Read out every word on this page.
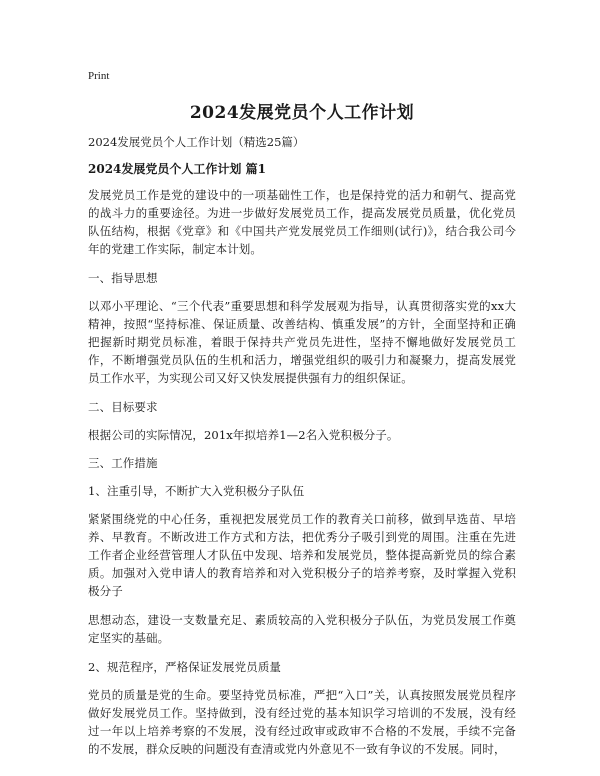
Print
2024发展党员个人工作计划

2024发展党员个人工作计划（精选25篇）

2024发展党员个人工作计划 篇1

发展党员工作是党的建设中的一项基础性工作，也是保持党的活力和朝气、提高党的战斗力的重要途径。为进一步做好发展党员工作，提高发展党员质量，优化党员队伍结构，根据《党章》和《中国共产党发展党员工作细则(试行)》，结合我公司今年的党建工作实际，制定本计划。

一、指导思想

以邓小平理论、“三个代表”重要思想和科学发展观为指导，认真贯彻落实党的xx大精神，按照“坚持标准、保证质量、改善结构、慎重发展”的方针，全面坚持和正确把握新时期党员标准，着眼于保持共产党员先进性，坚持不懈地做好发展党员工作，不断增强党员队伍的生机和活力，增强党组织的吸引力和凝聚力，提高发展党员工作水平，为实现公司又好又快发展提供强有力的组织保证。

二、目标要求

根据公司的实际情况，201x年拟培养1—2名入党积极分子。

三、工作措施

1、注重引导，不断扩大入党积极分子队伍

紧紧围绕党的中心任务，重视把发展党员工作的教育关口前移，做到早选苗、早培养、早教育。不断改进工作方式和方法，把优秀分子吸引到党的周围。注重在先进工作者企业经营管理人才队伍中发现、培养和发展党员，整体提高新党员的综合素质。加强对入党申请人的教育培养和对入党积极分子的培养考察，及时掌握入党积极分子

思想动态，建设一支数量充足、素质较高的入党积极分子队伍，为党员发展工作奠定坚实的基础。

2、规范程序，严格保证发展党员质量

党员的质量是党的生命。要坚持党员标准，严把“入口”关，认真按照发展党员程序做好发展党员工作。坚持做到，没有经过党的基本知识学习培训的不发展，没有经过一年以上培养考察的不发展，没有经过政审或政审不合格的不发展，手续不完备的不发展，群众反映的问题没有查清或党内外意见不一致有争议的不发展。同时，
